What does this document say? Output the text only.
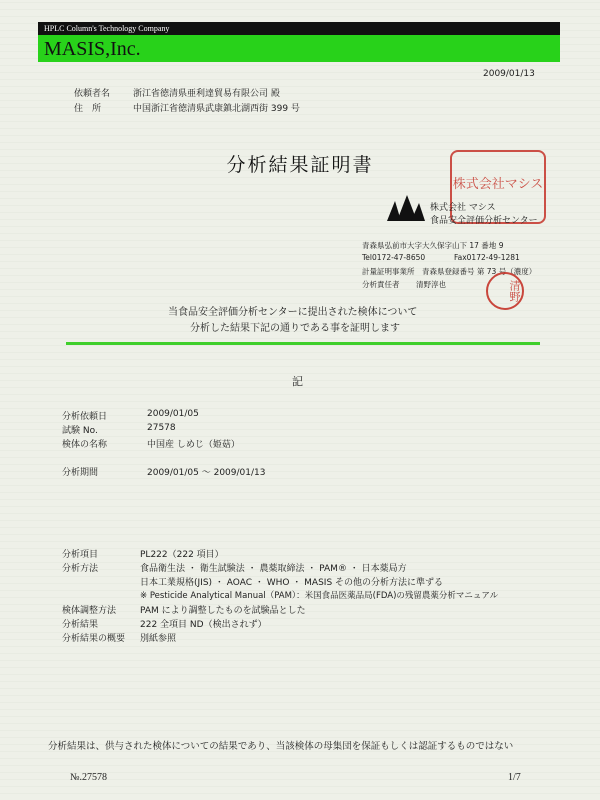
HPLC Column's Technology Company
MASIS,Inc.
2009/01/13
依頼者名	浙江省徳清県亜利達貿易有限公司 殿
住　所	中国浙江省徳清県武康鎮北湖西街 399 号
分析結果証明書
株式会社マシス
株式会社 マシス
食品安全評価分析センター
青森県弘前市大字大久保字山下 17 番地 9
Tel0172-47-8650	Fax0172-49-1281
計量証明事業所　青森県登録番号 第 73 号（濃度）
分析責任者 清野淳也	清野
当食品安全評価分析センターに提出された検体について
分析した結果下記の通りである事を証明します
記
分析依頼日	2009/01/05
試験 No.	27578
検体の名称	中国産 しめじ（姫菇）
分析期間	2009/01/05 〜 2009/01/13
分析項目	PL222（222 項目）
分析方法	食品衛生法 ・ 衛生試験法 ・ 農薬取締法 ・ PAM® ・ 日本薬局方
日本工業規格(JIS) ・ AOAC ・ WHO ・ MASIS その他の分析方法に準ずる
※ Pesticide Analytical Manual（PAM）：米国食品医薬品局(FDA)の残留農薬分析マニュアル
検体調整方法	PAM により調整したものを試験品とした
分析結果	222 全項目 ND（検出されず）
分析結果の概要 別紙参照
分析結果は、供与された検体についての結果であり、当該検体の母集団を保証もしくは認証するものではない
№.27578	1/7
